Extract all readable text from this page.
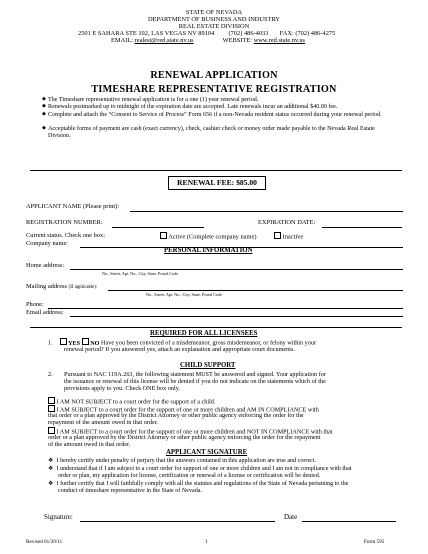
STATE OF NEVADA
DEPARTMENT OF BUSINESS AND INDUSTRY
REAL ESTATE DIVISION
2501 E SAHARA STE 102, LAS VEGAS NV 89104 (702) 486-4033 FAX: (702) 486-4275
EMAIL: realest@red.state.nv.us	WEBSITE: www.red.state.nv.us
RENEWAL APPLICATION
TIMESHARE REPRESENTATIVE REGISTRATION
◆ The Timeshare representative renewal application is for a one (1) year renewal period.
◆ Renewals postmarked up to midnight of the expiration date are accepted. Late renewals incur an additional $40.00 fee.
◆ Complete and attach the “Consent to Service of Process” Form 656 if a non-Nevada resident status occurred during your renewal period.
◆ Acceptable forms of payment are cash (exact currency), check, cashier check or money order made payable to the Nevada Real Estate Division.
RENEWAL FEE: $85.00
APPLICANT NAME (Please print):
REGISTRATION NUMBER:	EXPIRATION DATE:
Current status. Check one box:	Active (Complete company name)	Inactive
Company name:
PERSONAL INFORMATION
Home address:
No., Street, Apt. No., City, State, Postal Code
Mailing address (If applicable):
No., Street, Apt. No., City, State, Postal Code
Phone:
Email address:
REQUIRED FOR ALL LICENSEES
1. YES NO Have you been convicted of a misdemeanor, gross misdemeanor, or felony within your
renewal period? If you answered yes, attach an explanation and appropriate court documents.
CHILD SUPPORT
2. Pursuant to NAC 119A.263, the following statement MUST be answered and signed. Your application for
the issuance or renewal of this license will be denied if you do not indicate on the statements which of the
provisions apply to you. Check ONE box only.
I AM NOT SUBJECT to a court order for the support of a child.
I AM SUBJECT to a court order for the support of one or more children and AM IN COMPLIANCE with
that order or a plan approved by the District Attorney or other public agency enforcing the order for the
repayment of the amount owed in that order.
I AM SUBJECT to a court order for the support of one or more children and NOT IN COMPLIANCE with that
order or a plan approved by the District Attorney or other public agency enforcing the order for the repayment
of the amount owed in that order.
APPLICANT SIGNATURE
❖ I hereby certify under penalty of perjury that the answers contained in this application are true and correct.
❖ I understand that if I am subject to a court order for support of one or more children and I am not in compliance with that
order or plan, my application for license, certification or renewal of a license or certification will be denied.
❖ I further certify that I will faithfully comply with all the statutes and regulations of the State of Nevada pertaining to the
conduct of timeshare representative in the State of Nevada.
Signature:	Date
Revised 01/20/11	1	Form 595
